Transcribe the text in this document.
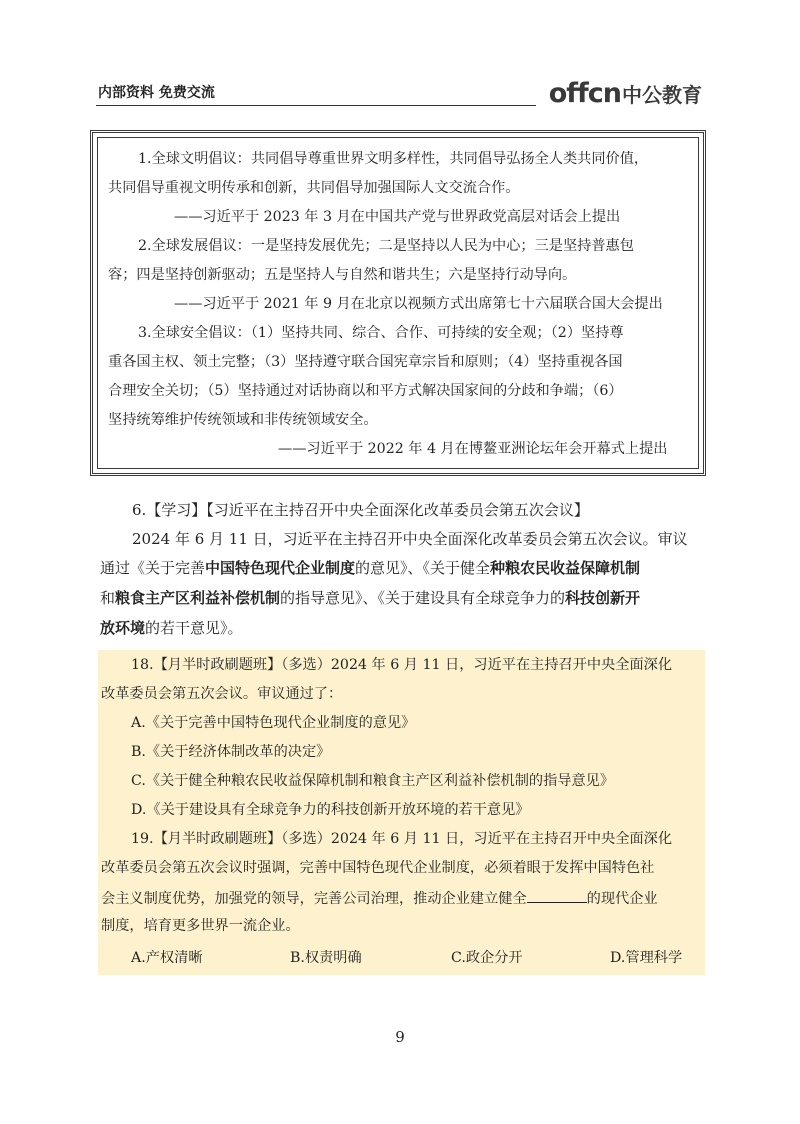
内部资料 免费交流	offcn 中公教育
1.全球文明倡议：共同倡导尊重世界文明多样性，共同倡导弘扬全人类共同价值，
共同倡导重视文明传承和创新，共同倡导加强国际人文交流合作。
——习近平于 2023 年 3 月在中国共产党与世界政党高层对话会上提出
2.全球发展倡议：一是坚持发展优先；二是坚持以人民为中心；三是坚持普惠包
容；四是坚持创新驱动；五是坚持人与自然和谐共生；六是坚持行动导向。
——习近平于 2021 年 9 月在北京以视频方式出席第七十六届联合国大会提出
3.全球安全倡议：（1）坚持共同、综合、合作、可持续的安全观；（2）坚持尊
重各国主权、领土完整；（3）坚持遵守联合国宪章宗旨和原则；（4）坚持重视各国
合理安全关切；（5）坚持通过对话协商以和平方式解决国家间的分歧和争端；（6）
坚持统筹维护传统领域和非传统领域安全。
——习近平于 2022 年 4 月在博鳌亚洲论坛年会开幕式上提出
6.【学习】【习近平在主持召开中央全面深化改革委员会第五次会议】
2024 年 6 月 11 日，习近平在主持召开中央全面深化改革委员会第五次会议。审议
通过《关于完善中国特色现代企业制度的意见》、《关于健全种粮农民收益保障机制
和粮食主产区利益补偿机制的指导意见》、《关于建设具有全球竞争力的科技创新开
放环境的若干意见》。
18.【月半时政刷题班】（多选）2024 年 6 月 11 日，习近平在主持召开中央全面深化
改革委员会第五次会议。审议通过了：
A.《关于完善中国特色现代企业制度的意见》
B.《关于经济体制改革的决定》
C.《关于健全种粮农民收益保障机制和粮食主产区利益补偿机制的指导意见》
D.《关于建设具有全球竞争力的科技创新开放环境的若干意见》
19.【月半时政刷题班】（多选）2024 年 6 月 11 日，习近平在主持召开中央全面深化
改革委员会第五次会议时强调，完善中国特色现代企业制度，必须着眼于发挥中国特色社
会主义制度优势，加强党的领导，完善公司治理，推动企业建立健全	的现代企业
制度，培育更多世界一流企业。
A.产权清晰	B.权责明确	C.政企分开	D.管理科学
9
